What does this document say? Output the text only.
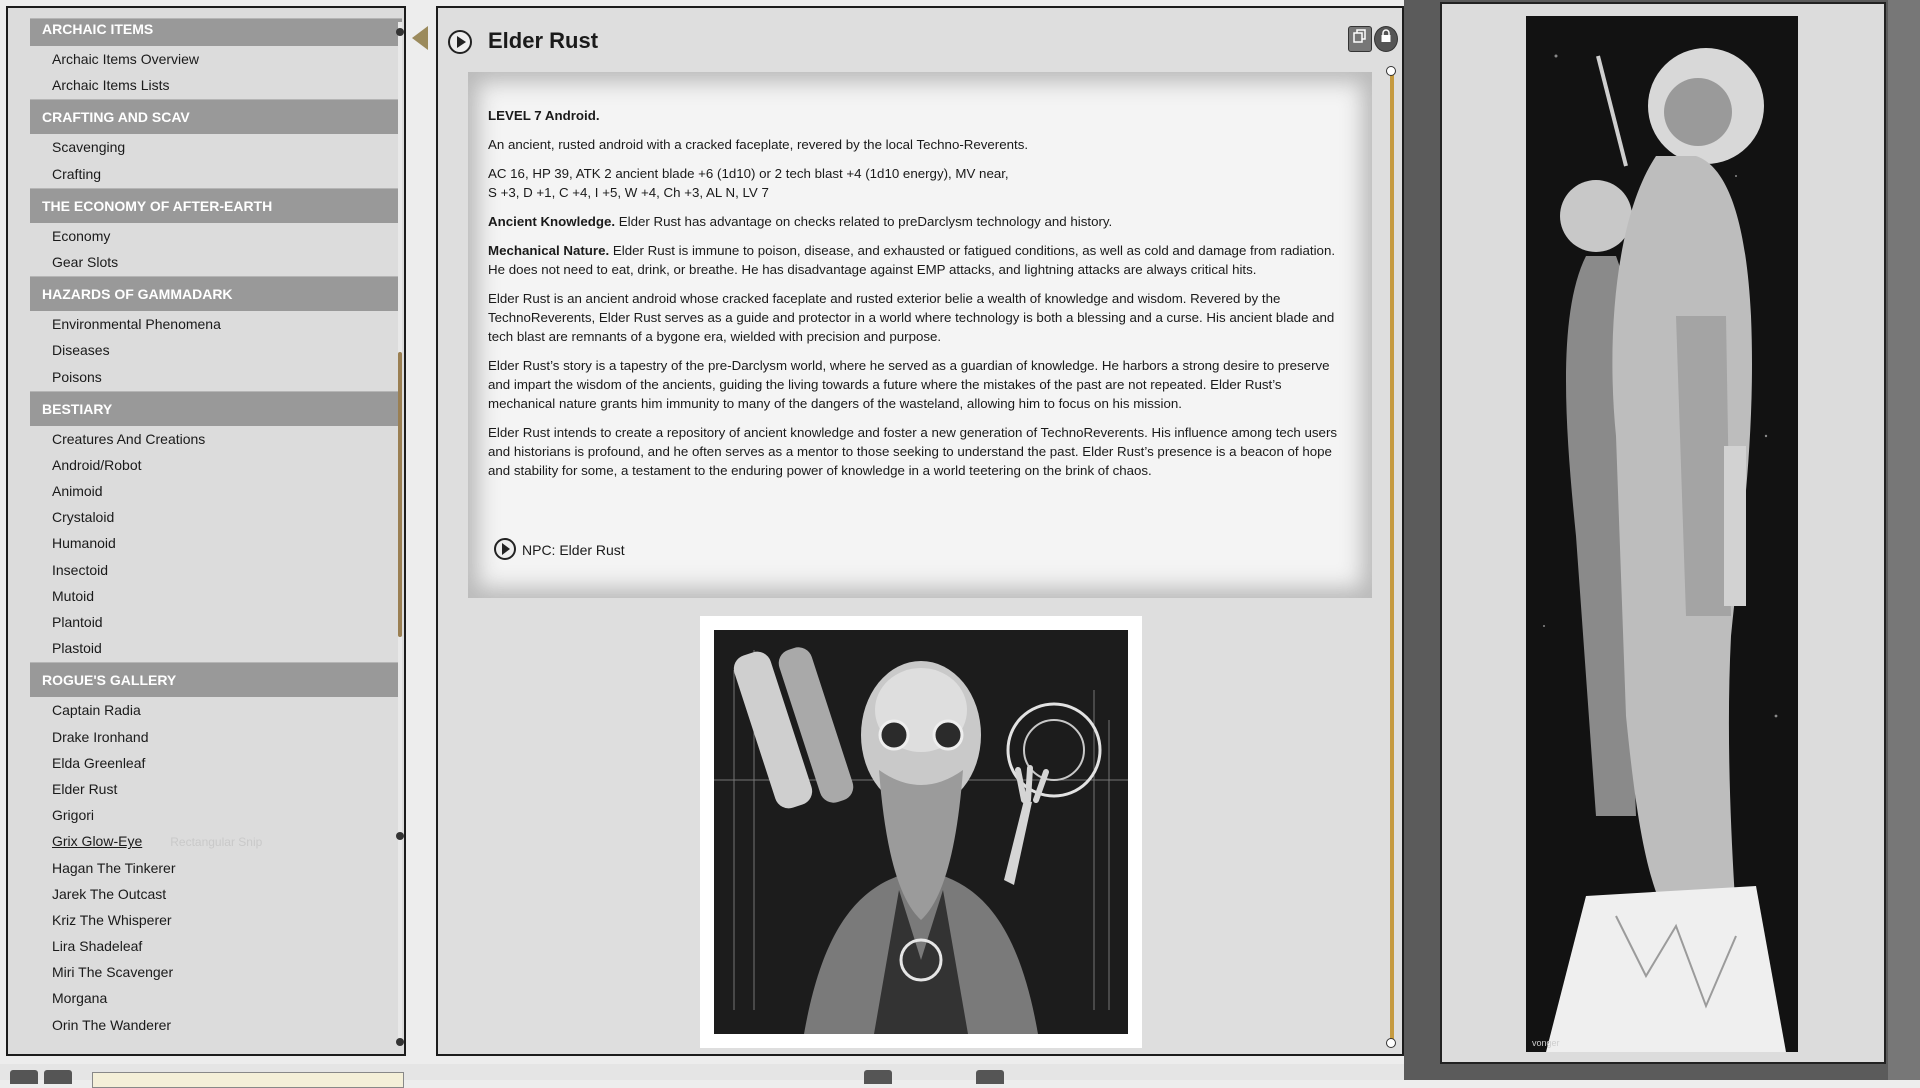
ARCHAIC ITEMS
Archaic Items Overview
Archaic Items Lists
CRAFTING AND SCAV
Scavenging
Crafting
THE ECONOMY OF AFTER-EARTH
Economy
Gear Slots
HAZARDS OF GAMMADARK
Environmental Phenomena
Diseases
Poisons
BESTIARY
Creatures And Creations
Android/Robot
Animoid
Crystaloid
Humanoid
Insectoid
Mutoid
Plantoid
Plastoid
ROGUE'S GALLERY
Captain Radia
Drake Ironhand
Elda Greenleaf
Elder Rust
Grigori
Grix Glow-Eye Rectangular Snip
Hagan The Tinkerer
Jarek The Outcast
Kriz The Whisperer
Lira Shadeleaf
Miri The Scavenger
Morgana
Orin The Wanderer
Elder Rust

LEVEL 7 Android.

An ancient, rusted android with a cracked faceplate, revered by the local Techno-Reverents.

AC 16, HP 39, ATK 2 ancient blade +6 (1d10) or 2 tech blast +4 (1d10 energy), MV near,
S +3, D +1, C +4, I +5, W +4, Ch +3, AL N, LV 7

Ancient Knowledge. Elder Rust has advantage on checks related to preDarclysm technology and history.

Mechanical Nature. Elder Rust is immune to poison, disease, and exhausted or fatigued conditions, as well as cold and damage from radiation. He does not need to eat, drink, or breathe. He has disadvantage against EMP attacks, and lightning attacks are always critical hits.

Elder Rust is an ancient android whose cracked faceplate and rusted exterior belie a wealth of knowledge and wisdom. Revered by the TechnoReverents, Elder Rust serves as a guide and protector in a world where technology is both a blessing and a curse. His ancient blade and tech blast are remnants of a bygone era, wielded with precision and purpose.

Elder Rust’s story is a tapestry of the pre-Darclysm world, where he served as a guardian of knowledge. He harbors a strong desire to preserve and impart the wisdom of the ancients, guiding the living towards a future where the mistakes of the past are not repeated. Elder Rust’s mechanical nature grants him immunity to many of the dangers of the wasteland, allowing him to focus on his mission.

Elder Rust intends to create a repository of ancient knowledge and foster a new generation of TechnoReverents. His influence among tech users and historians is profound, and he often serves as a mentor to those seeking to understand the past. Elder Rust’s presence is a beacon of hope and stability for some, a testament to the enduring power of knowledge in a world teetering on the brink of chaos.

NPC: Elder Rust
vonger
